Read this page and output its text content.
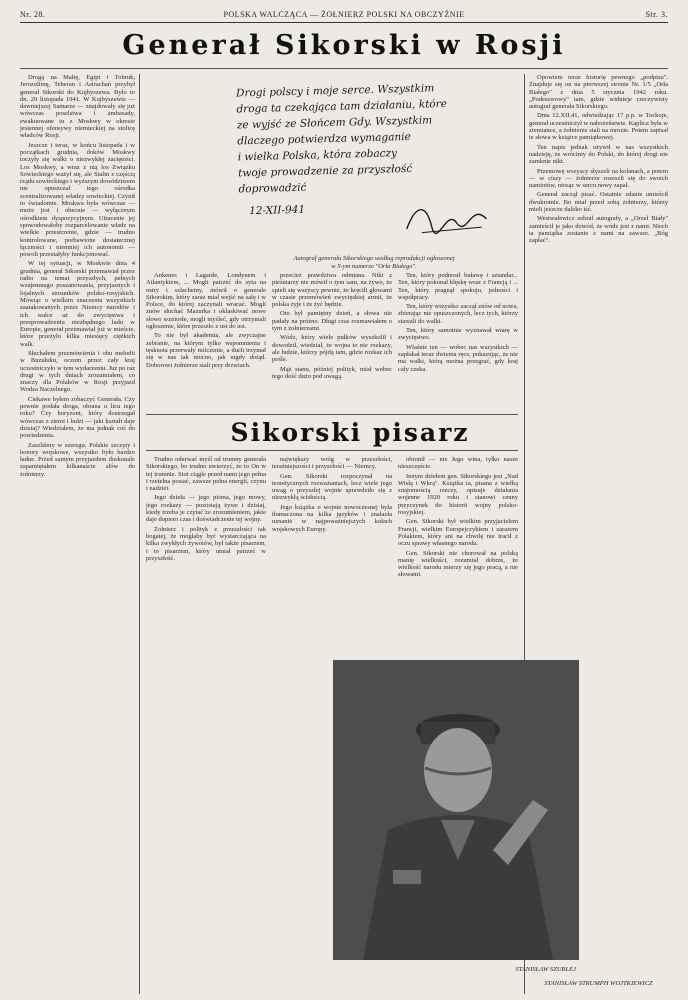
Nr. 28.	POLSKA WALCZĄCA — ŻOŁNIERZ POLSKI NA OBCZYŹNIE	Str. 3.
Generał Sikorski w Rosji

Drogą na Maltę, Egipt i Tobruk, Jerozolimę, Teheran i Astrachań przybył generał Sikorski do Kujbyszewa. Było to dn. 29 listopada 1941. W Kujbyszewie — dawniejszej Samarze — znajdowały się już wówczas poselstwa i ambasady, ewakuowane tu z Moskwy w okresie jesiennej ofensywy niemieckiej na stolicę władców Rosji.

Jeszcze i teraz, w końcu listopada i w początkach grudnia, doków Moskwy toczyły się walki o niezwykłej zaciętości. Los Moskwy, a wraz z nią los Związku Sowieckiego ważył się, ale Stalin z częścią rządu sowieckiego i wyższym dowództwem nie opuszczał tego ośrodka scentralizowanej władzy sowieckiej. Czynił to świadomie. Moskwa była wówczas — może jest i obecnie — wyłącznym ośrodkiem dyspozycyjnym. Utracenie jej spowodowałoby rozparcelowanie władz na wielkie przestrzenie, gdzie — trudno kontrolowane, porbawione dostatecznej łączności i niemniej ich autonomii — powoli przestałyby funkcjonować.

W tej sytuacji, w Moskwie dnia 4 grudnia, generał Sikorski przemawiał przez radio na temat przyszłych, pełnych wzajemnego poszanowania, przyjaznych i lojalnych stosunków polsko-rosyjskich. Mówiąc o wielkim znaczeniu wszystkich zaatakowanych przez Niemcy narodów i ich walce aż do zwycięstwa i przeprowadzeniu niezbędnego ładu w Europie, generał przemawiał już w mieście, które przeżyło kilka miesięcy ciężkich walk.

Słuchałem przemówienia i obu melodii w Buzułuku, oczom przez cały kraj uczestniczyło w tym wydarzeniu. Już po raz drugi w tych dniach zrozumiałem, co znaczy dla Polaków w Rosji przyjazd Wodza Naczelnego.

Ciekawe byłem zobaczyć Generała. Czy pewnie podała droga, obrana u licu tego roku? Czy horyzont, który dostrzegał wówczas z ziemi i ludzi — jaki kształt daje dzisiaj? Wiedziałem, że ma jednak coś do powiedzenia.

Zaszliśmy w szeregu. Polskie szczyty i honory wojskowe, wszystko było bardzo ładne. Przed samym przyjazdem doskonale zapamiętałem kilkanaście słów do żołnierzy.

Drogi polscy i moje serce. Wszystkim
droga ta czekająca tam działaniu, które
ze wyjść ze Słońcem Gdy. Wszystkim
dlaczego potwierdza wymaganie
i wielka Polska, która zobaczy
twoje prowadzenie za przyszłość
doprowadzić
12-XII-941
Autograf generała Sikorskiego według reprodukcji ogłoszonej
w 5-ym numerze "Orła Białego".

Ankenes i Lagarde, Londynem i Atlantykiem, ... Mogli patrzeć do syta na ostry i szlachetny, mówił o generale Sikorskim, który zaraz miał wejść na salę i w Polsce, do której zaczynali wracać. Mogli znów słuchać Mazurka i oklaskiwać nowe słowo wzniosłe, mogli myśleć, gdy otrzymali ogłoszenie, które przeszło z ust do ust.

To nie był akademia, ale zwyczajne zebranie, na którym tylko wspomnienia i tęsknota przerwały milczenie, a duch trzymał się w nas tak mocno, jak nigdy dotąd. Doborowi żołnierze stali przy drzwiach.

przecież prawdziwa odmiana. Nikt z pieśniarzy nie mówił o tym sam, na żywo, że spieli się wszyscy pewnie, że kręcili głowami w czasie przemówień zwycięskiej armii, że polska żyje i że żyć będzie.

Oto był pamiętny dzień, a słowa nie padały na próżno. Długi czas rozmawiałem o tym z żołnierzami.

Wódz, który wiele pułków wyszkolił i dowodził, wiedział, że wojna to nie rozkazy, ale ludzie, którzy pójdą tam, gdzie rozkaz ich pośle.

Mąż stanu, później polityk, miał wobec tego dość dużo pod uwagą.

Ten, który podnosił buławę i sztandar... Ten, który pokonał klęskę wraz z Francją i ... Ten, który pragnął spokoju, jedności i współpracy.

Ten, który wszystko zaczął znów od nowa, zbierając nie opuszczonych, lecz tych, którzy stawali do walki.

Ten, który samotnie wyznawał wiarę w zwycięstwo.

Właśnie ten — wobec nas wszystkich — zapłakał teraz dwiema ręce, pokazując, że nie ma walki, którą można przegrać, gdy kraj cały czeka.

Opowiem teraz historię pewnego „podpisu". Znajduje się on na pierwszej stronie Nr. 1/5 „Orła Białego" z dnia 5 stycznia 1942 roku. „Podeszwowy" tam, gdzie widnieje rzeczywisty autograf generała Sikorskiego.

Dnia 12.XII.41, odwiedzając 17 p.p. w Tockoje, generał uczestniczył w nabożeństwie. Kaplica była w ziemiance, a żołnierze stali na mrozie. Potem zapisał te słowa w książce pamiątkowej.

Ten napis jednak ożywił w nas wszystkich nadzieję, że wrócimy do Polski, do której drogi nie zamknie nikt.

Przemowę wszyscy słyszeli na kolanach, a potem — w ciszy — żołnierze rozeszli się do swoich namiotów, niosąc w sercu nowy zapał.

Generał zaczął pisać. Ostatnie zdanie umieścił dwukrotnie. Bo miał przed sobą żołnierzy, którzy mieli jeszcze daleko iść.

Westwalewicz zebrał autografy, a „Orzeł Biały" zamieścił je jako dowód, że wódz jest z nami. Niech ta pamiątka zostanie z nami na zawsze. „Bóg zapłać".

Sikorski pisarz

Trudno oderwać myśl od trumny generała Sikorskiego, bo trudno uwierzyć, że to On w tej trumnie. Stoi ciągle przed nami jego pełna i rzetelna postać, zawsze pełna energii, czynu i nadziei.

Jego dzieła — jego pisma, jego mowy, jego rozkazy — pozostają żywe i dzisiaj, kiedy trzeba je czytać ze zrozumieniem, jakie daje dopiero czas i doświadczenie tej wojny.

Żołnierz i polityk z przeszłości tak bogatej, że mogłaby być wystarczająca na kilka zwykłych żywotów, był także pisarzem, i to pisarzem, który umiał patrzeć w przyszłość.

największy wróg w przeszłości, teraźniejszości i przyszłości — Niemcy.

Gen. Sikorski rozpoczynał na teoretycznych rozważaniach, lecz wiele jego uwag o przyszłej wojnie sprawdziło się z niezwykłą ścisłością.

Jego książka o wojnie nowoczesnej była tłumaczona na kilka języków i znalazła uznanie w najpoważniejszych kołach wojskowych Europy.

obronił — nie Jego wina, tylko nasze nieszczęście.

Innym dziełem gen. Sikorskiego jest „Nad Wisłą i Wkrą". Książka ta, pisana z wielką znajomością rzeczy, opisuje działania wojenne 1920 roku i stanowi cenny przyczynek do historii wojny polsko-rosyjskiej.

Gen. Sikorski był wielkim przyjacielem Francji, wielkim Europejczykiem i zarazem Polakiem, który ani na chwilę nie tracił z oczu sprawy własnego narodu.

Gen. Sikorski nie chorował na polską manię wielkości, rozumiał dobrze, że wielkość narodu mierzy się jego pracą, a nie słowami.

STANISŁAW SZURLEJ
STANISŁAW STRUMPH WOJTKIEWICZ
